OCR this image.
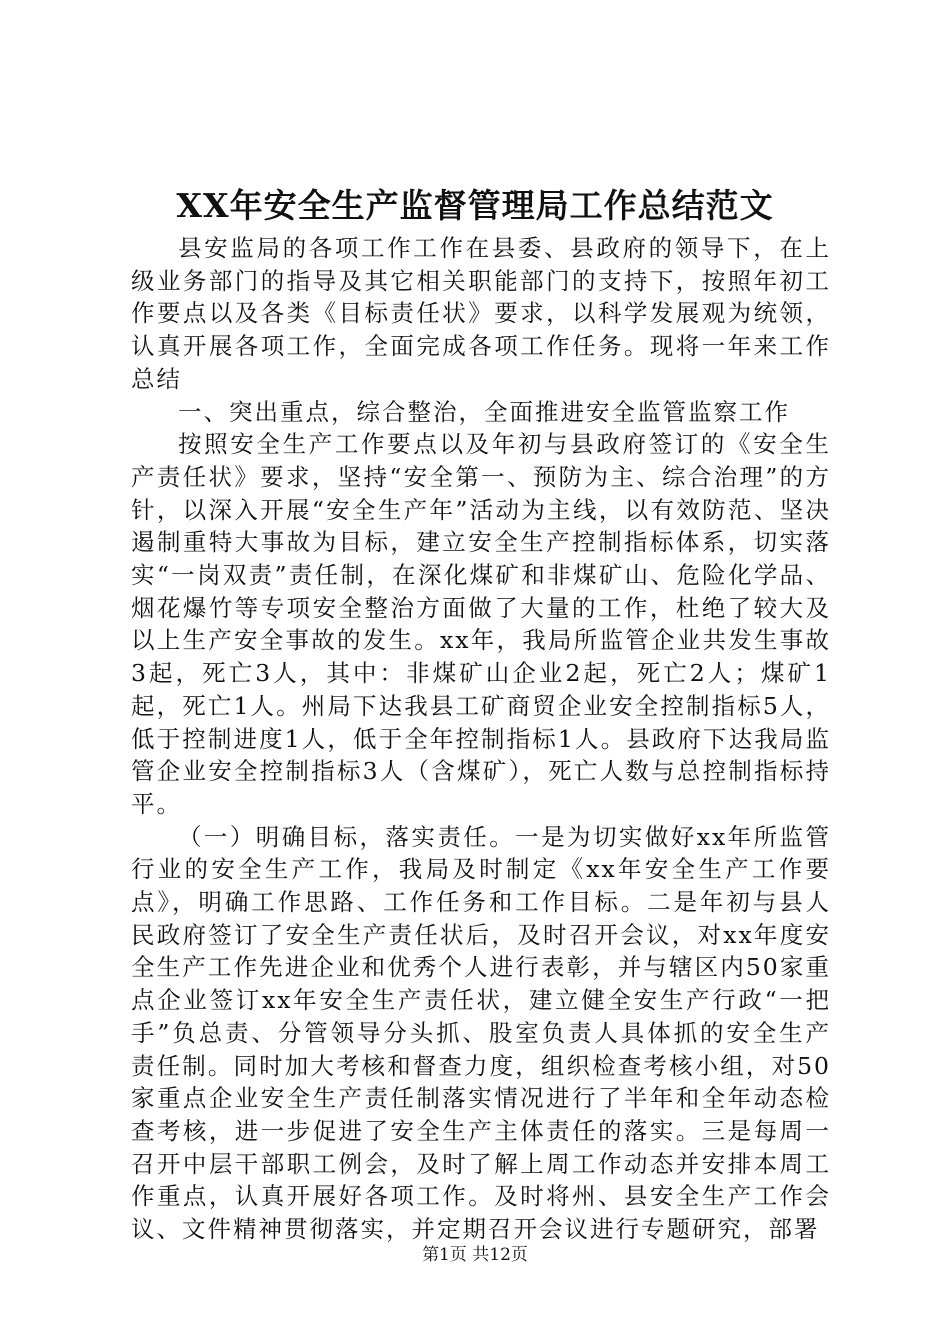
XX年安全生产监督管理局工作总结范文

县安监局的各项工作工作在县委、县政府的领导下，在上级业务部门的指导及其它相关职能部门的支持下，按照年初工作要点以及各类《目标责任状》要求，以科学发展观为统领，认真开展各项工作，全面完成各项工作任务。现将一年来工作总结

一、突出重点，综合整治，全面推进安全监管监察工作

按照安全生产工作要点以及年初与县政府签订的《安全生产责任状》要求，坚持“安全第一、预防为主、综合治理”的方针，以深入开展“安全生产年”活动为主线，以有效防范、坚决遏制重特大事故为目标，建立安全生产控制指标体系，切实落实“一岗双责”责任制，在深化煤矿和非煤矿山、危险化学品、烟花爆竹等专项安全整治方面做了大量的工作，杜绝了较大及以上生产安全事故的发生。xx年，我局所监管企业共发生事故3起，死亡3人，其中：非煤矿山企业2起，死亡2人；煤矿1起，死亡1人。州局下达我县工矿商贸企业安全控制指标5人，低于控制进度1人，低于全年控制指标1人。县政府下达我局监管企业安全控制指标3人（含煤矿），死亡人数与总控制指标持平。

（一）明确目标，落实责任。一是为切实做好xx年所监管行业的安全生产工作，我局及时制定《xx年安全生产工作要点》，明确工作思路、工作任务和工作目标。二是年初与县人民政府签订了安全生产责任状后，及时召开会议，对xx年度安全生产工作先进企业和优秀个人进行表彰，并与辖区内50家重点企业签订xx年安全生产责任状，建立健全安生产行政“一把手”负总责、分管领导分头抓、股室负责人具体抓的安全生产责任制。同时加大考核和督查力度，组织检查考核小组，对50家重点企业安全生产责任制落实情况进行了半年和全年动态检查考核，进一步促进了安全生产主体责任的落实。三是每周一召开中层干部职工例会，及时了解上周工作动态并安排本周工作重点，认真开展好各项工作。及时将州、县安全生产工作会议、文件精神贯彻落实，并定期召开会议进行专题研究，部署

第1页 共12页
